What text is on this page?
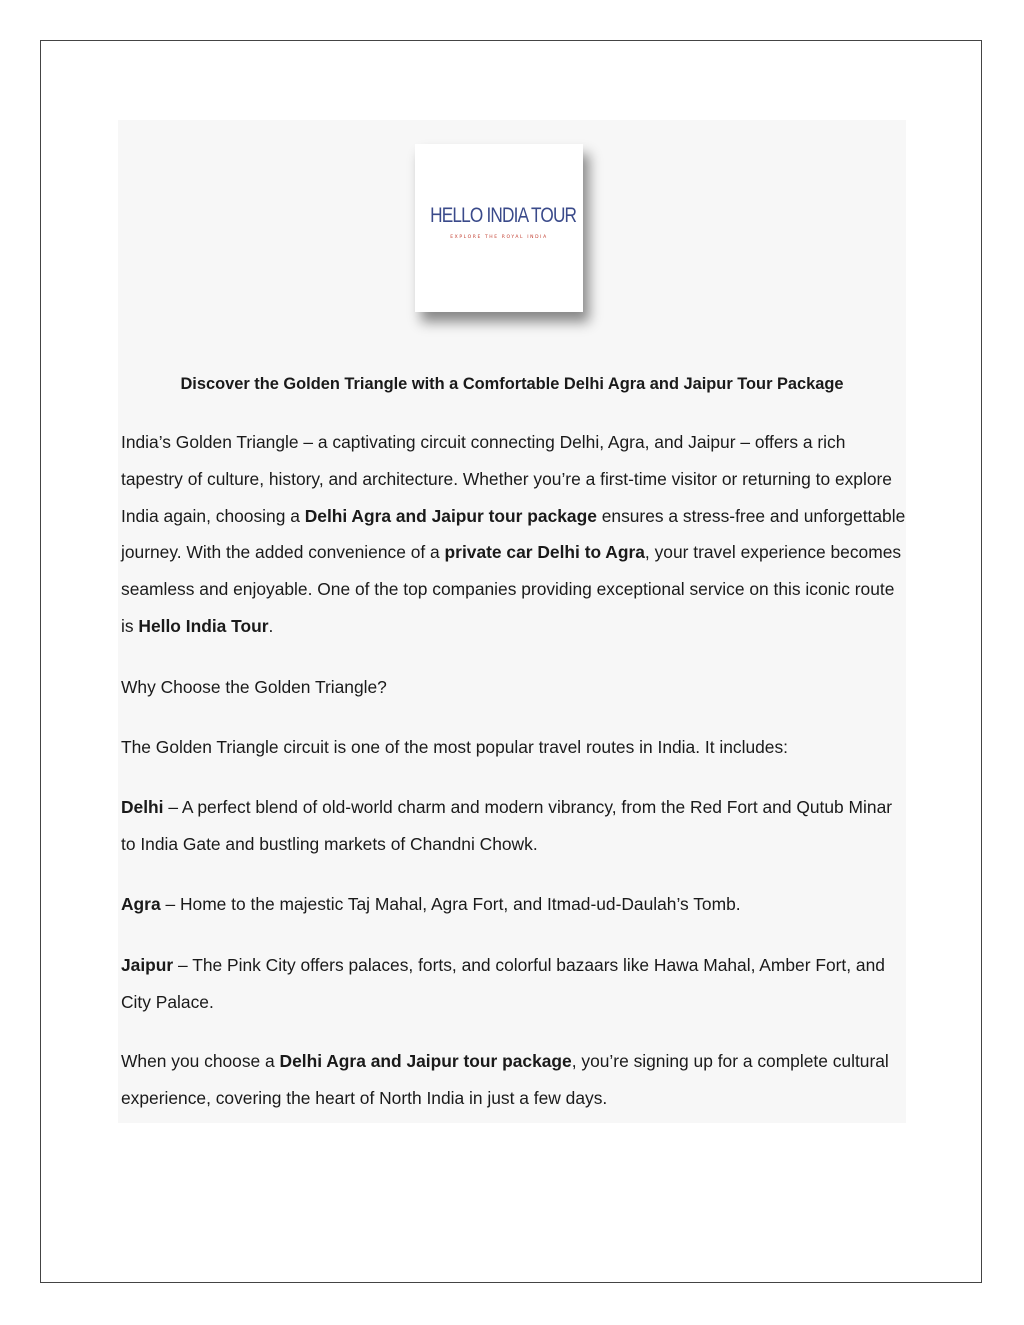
HELLO INDIA TOUR
EXPLORE THE ROYAL INDIA
Discover the Golden Triangle with a Comfortable Delhi Agra and Jaipur Tour Package

India’s Golden Triangle – a captivating circuit connecting Delhi, Agra, and Jaipur – offers a rich tapestry of culture, history, and architecture. Whether you’re a first-time visitor or returning to explore India again, choosing a Delhi Agra and Jaipur tour package ensures a stress-free and unforgettable journey. With the added convenience of a private car Delhi to Agra, your travel experience becomes seamless and enjoyable. One of the top companies providing exceptional service on this iconic route is Hello India Tour.

Why Choose the Golden Triangle?

The Golden Triangle circuit is one of the most popular travel routes in India. It includes:

Delhi – A perfect blend of old-world charm and modern vibrancy, from the Red Fort and Qutub Minar to India Gate and bustling markets of Chandni Chowk.

Agra – Home to the majestic Taj Mahal, Agra Fort, and Itmad-ud-Daulah’s Tomb.

Jaipur – The Pink City offers palaces, forts, and colorful bazaars like Hawa Mahal, Amber Fort, and City Palace.

When you choose a Delhi Agra and Jaipur tour package, you’re signing up for a complete cultural experience, covering the heart of North India in just a few days.
